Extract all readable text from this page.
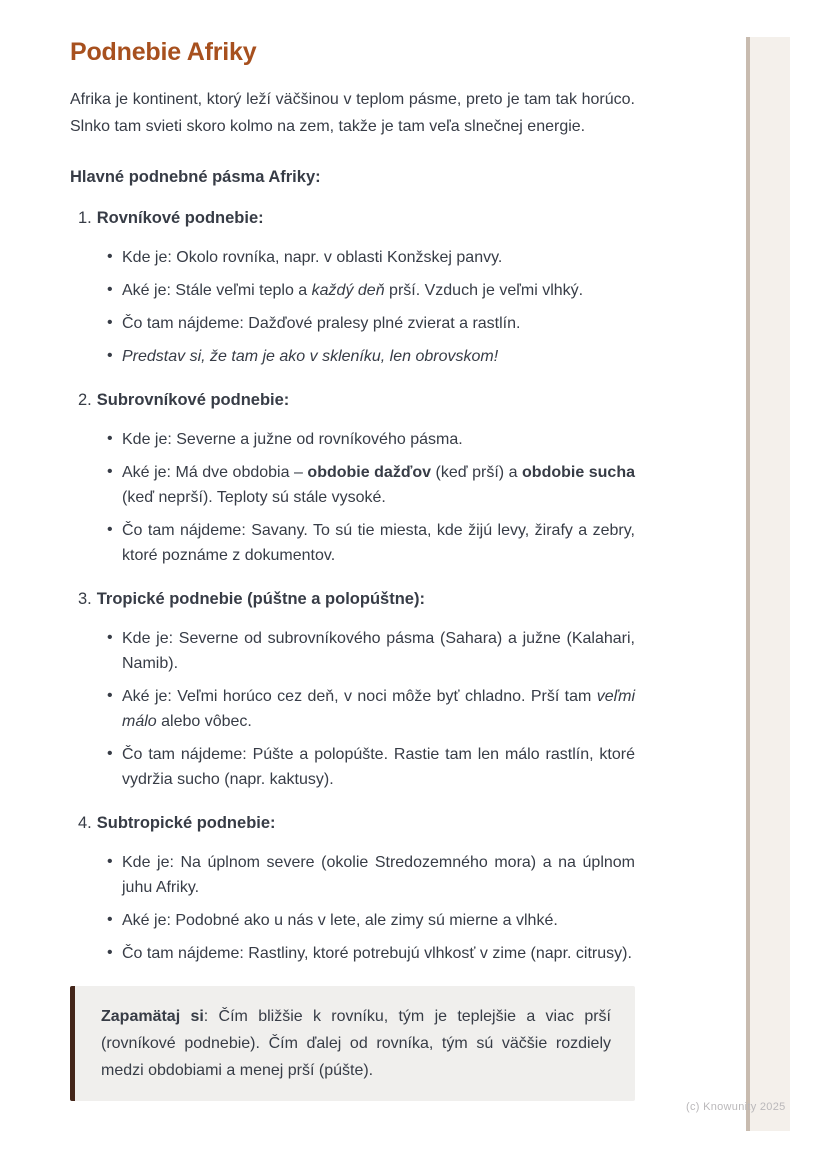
(c) Knowunity 2025
Podnebie Afriky

Afrika je kontinent, ktorý leží väčšinou v teplom pásme, preto je tam tak horúco. Slnko tam svieti skoro kolmo na zem, takže je tam veľa slnečnej energie.

Hlavné podnebné pásma Afriky:
1. Rovníkové podnebie:
• Kde je: Okolo rovníka, napr. v oblasti Konžskej panvy.
• Aké je: Stále veľmi teplo a každý deň prší. Vzduch je veľmi vlhký.
• Čo tam nájdeme: Dažďové pralesy plné zvierat a rastlín.
• Predstav si, že tam je ako v skleníku, len obrovskom!
2. Subrovníkové podnebie:
• Kde je: Severne a južne od rovníkového pásma.
• Aké je: Má dve obdobia – obdobie dažďov (keď prší) a obdobie sucha (keď neprší). Teploty sú stále vysoké.
• Čo tam nájdeme: Savany. To sú tie miesta, kde žijú levy, žirafy a zebry, ktoré poznáme z dokumentov.
3. Tropické podnebie (púštne a polopúštne):
• Kde je: Severne od subrovníkového pásma (Sahara) a južne (Kalahari, Namib).
• Aké je: Veľmi horúco cez deň, v noci môže byť chladno. Prší tam veľmi málo alebo vôbec.
• Čo tam nájdeme: Púšte a polopúšte. Rastie tam len málo rastlín, ktoré vydržia sucho (napr. kaktusy).
4. Subtropické podnebie:
• Kde je: Na úplnom severe (okolie Stredozemného mora) a na úplnom juhu Afriky.
• Aké je: Podobné ako u nás v lete, ale zimy sú mierne a vlhké.
• Čo tam nájdeme: Rastliny, ktoré potrebujú vlhkosť v zime (napr. citrusy).

Zapamätaj si: Čím bližšie k rovníku, tým je teplejšie a viac prší (rovníkové podnebie). Čím ďalej od rovníka, tým sú väčšie rozdiely medzi obdobiami a menej prší (púšte).
